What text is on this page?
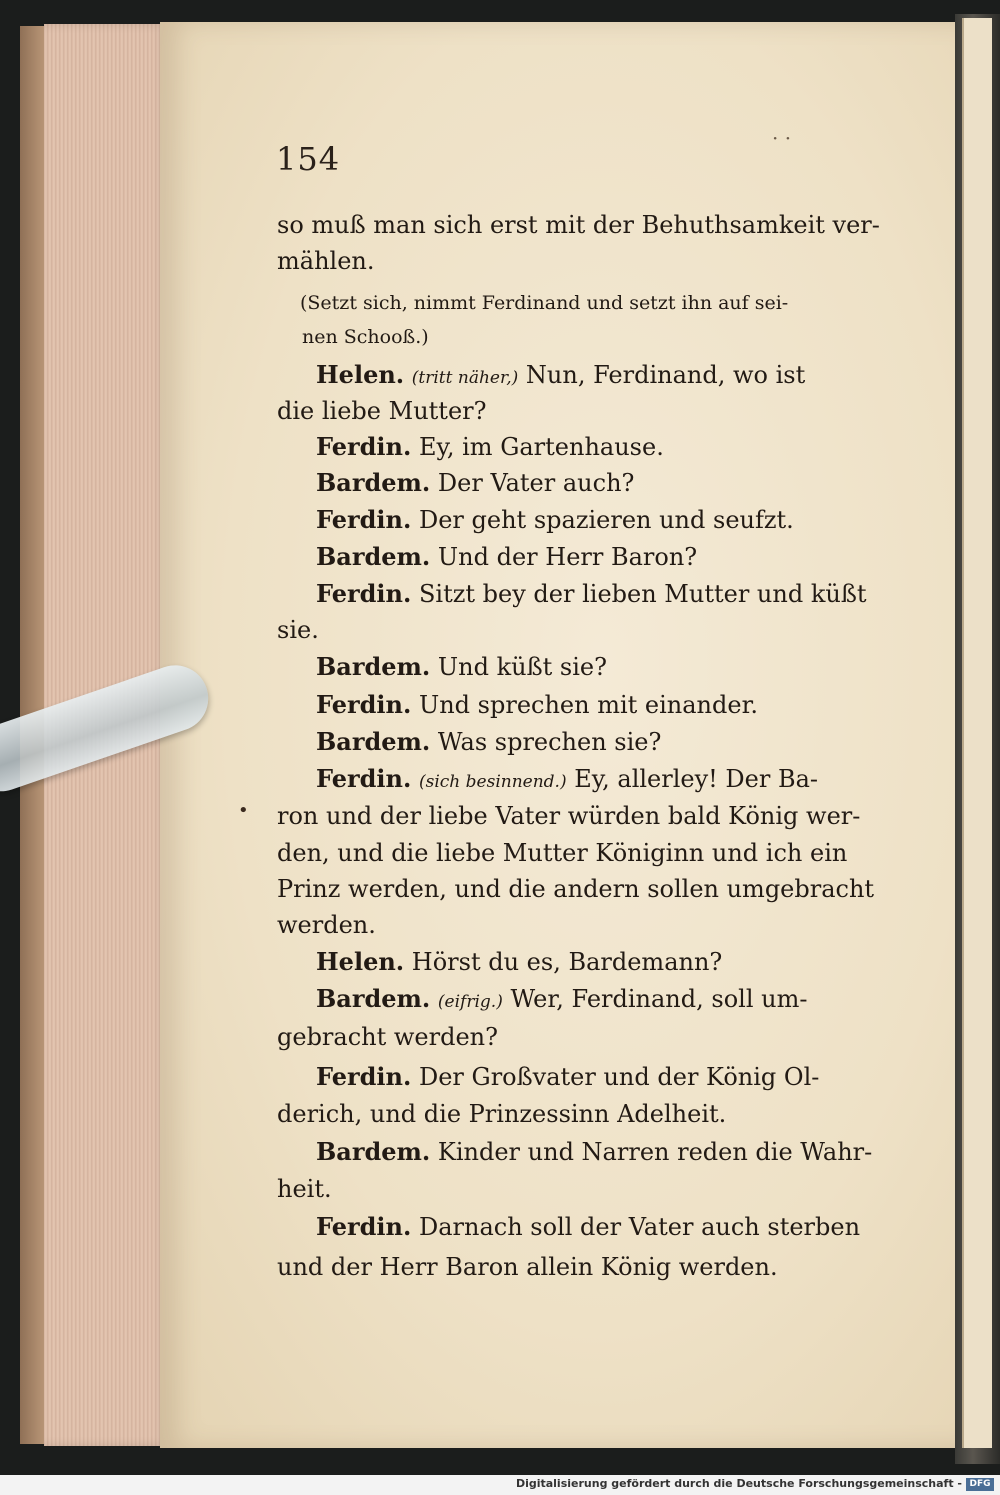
154
· ·
•
so muß man sich erst mit der Behuthsamkeit ver-
mählen.
(Setzt sich, nimmt Ferdinand und setzt ihn auf sei-
nen Schooß.)
Helen. (tritt näher,) Nun, Ferdinand, wo ist
die liebe Mutter?
Ferdin. Ey, im Gartenhause.
Bardem. Der Vater auch?
Ferdin. Der geht spazieren und seufzt.
Bardem. Und der Herr Baron?
Ferdin. Sitzt bey der lieben Mutter und küßt
sie.
Bardem. Und küßt sie?
Ferdin. Und sprechen mit einander.
Bardem. Was sprechen sie?
Ferdin. (sich besinnend.) Ey, allerley! Der Ba-
ron und der liebe Vater würden bald König wer-
den, und die liebe Mutter Königinn und ich ein
Prinz werden, und die andern sollen umgebracht
werden.
Helen. Hörst du es, Bardemann?
Bardem. (eifrig.) Wer, Ferdinand, soll um-
gebracht werden?
Ferdin. Der Großvater und der König Ol-
derich, und die Prinzessinn Adelheit.
Bardem. Kinder und Narren reden die Wahr-
heit.
Ferdin. Darnach soll der Vater auch sterben
und der Herr Baron allein König werden.
Digitalisierung gefördert durch die Deutsche Forschungsgemeinschaft - DFG
